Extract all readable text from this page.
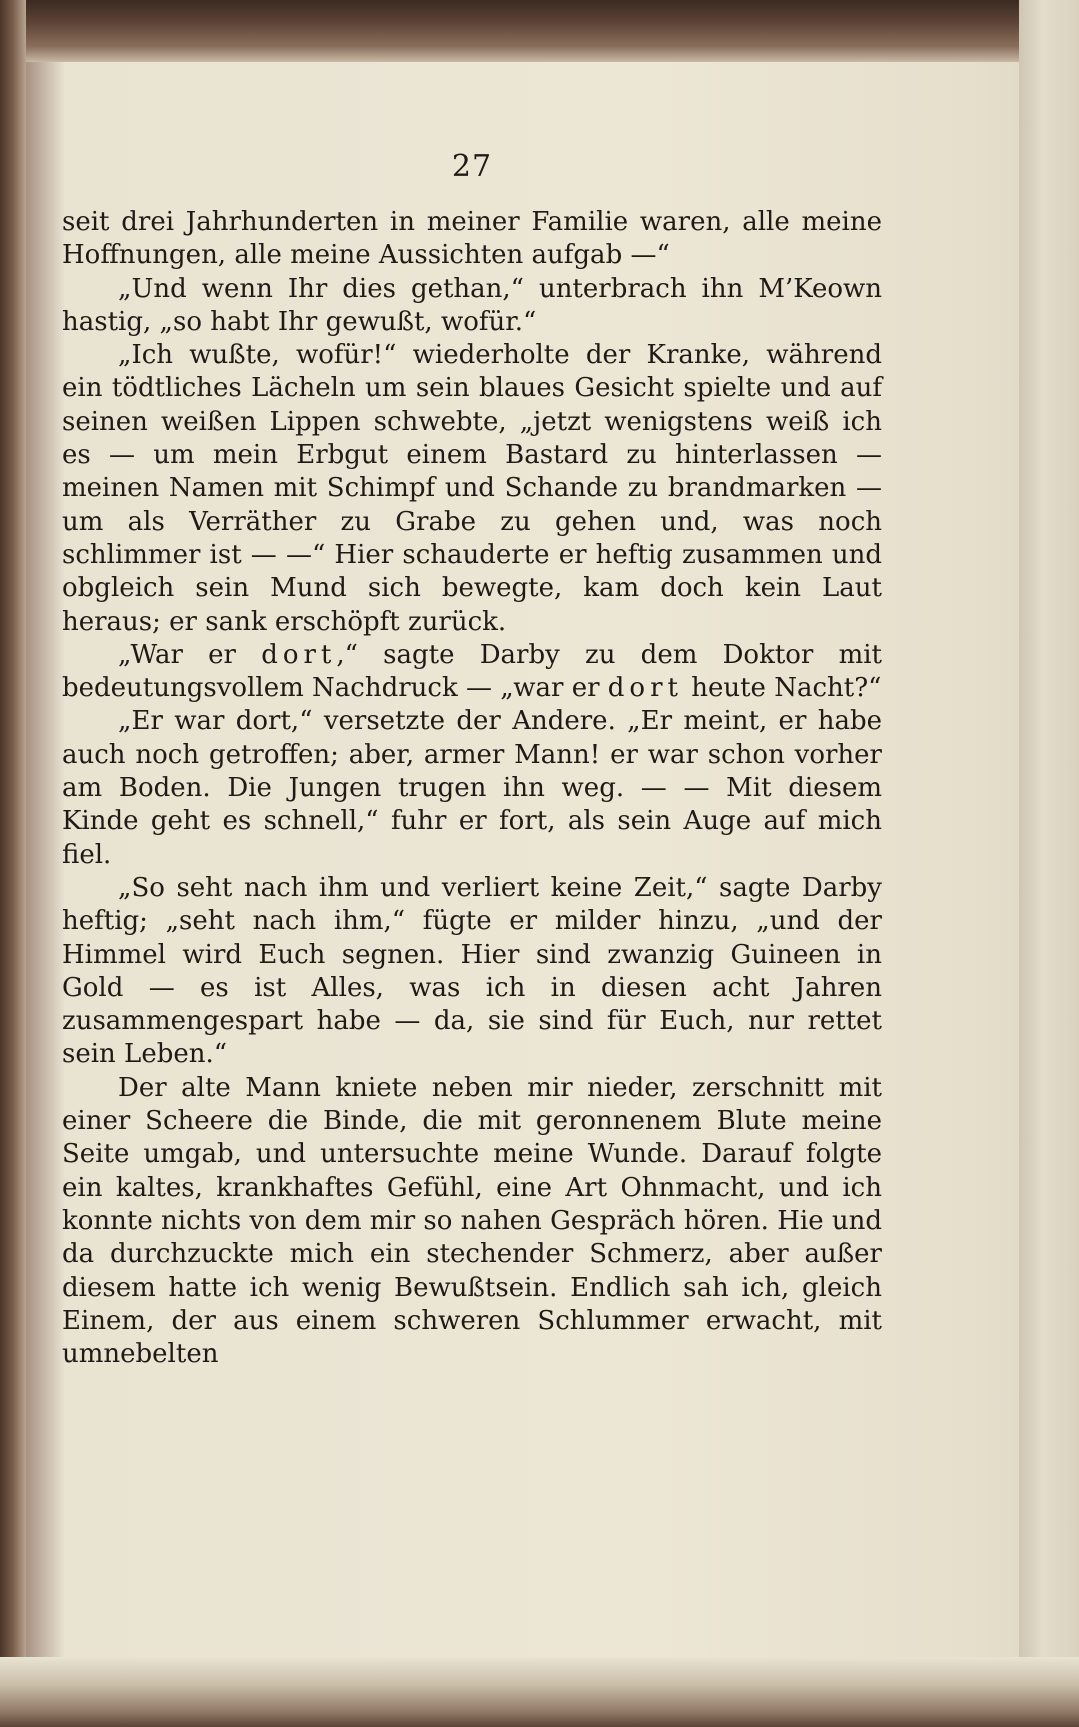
27

seit drei Jahrhunderten in meiner Familie waren, alle meine Hoffnungen, alle meine Aussichten aufgab —“

„Und wenn Ihr dies gethan,“ unterbrach ihn M’Keown hastig, „so habt Ihr gewußt, wofür.“

„Ich wußte, wofür!“ wiederholte der Kranke, während ein tödtliches Lächeln um sein blaues Gesicht spielte und auf seinen weißen Lippen schwebte, „jetzt wenigstens weiß ich es — um mein Erbgut einem Bastard zu hinterlassen — meinen Namen mit Schimpf und Schande zu brandmarken — um als Verräther zu Grabe zu gehen und, was noch schlimmer ist — —“ Hier schauderte er heftig zusammen und obgleich sein Mund sich bewegte, kam doch kein Laut heraus; er sank erschöpft zurück.

„War er dort,“ sagte Darby zu dem Doktor mit bedeutungsvollem Nachdruck — „war er dort heute Nacht?“

„Er war dort,“ versetzte der Andere. „Er meint, er habe auch noch getroffen; aber, armer Mann! er war schon vorher am Boden. Die Jungen trugen ihn weg. — — Mit diesem Kinde geht es schnell,“ fuhr er fort, als sein Auge auf mich fiel.

„So seht nach ihm und verliert keine Zeit,“ sagte Darby heftig; „seht nach ihm,“ fügte er milder hinzu, „und der Himmel wird Euch segnen. Hier sind zwanzig Guineen in Gold — es ist Alles, was ich in diesen acht Jahren zusammengespart habe — da, sie sind für Euch, nur rettet sein Leben.“

Der alte Mann kniete neben mir nieder, zerschnitt mit einer Scheere die Binde, die mit geronnenem Blute meine Seite umgab, und untersuchte meine Wunde. Darauf folgte ein kaltes, krankhaftes Gefühl, eine Art Ohnmacht, und ich konnte nichts von dem mir so nahen Gespräch hören. Hie und da durchzuckte mich ein stechender Schmerz, aber außer diesem hatte ich wenig Bewußtsein. Endlich sah ich, gleich Einem, der aus einem schweren Schlummer erwacht, mit umnebelten
